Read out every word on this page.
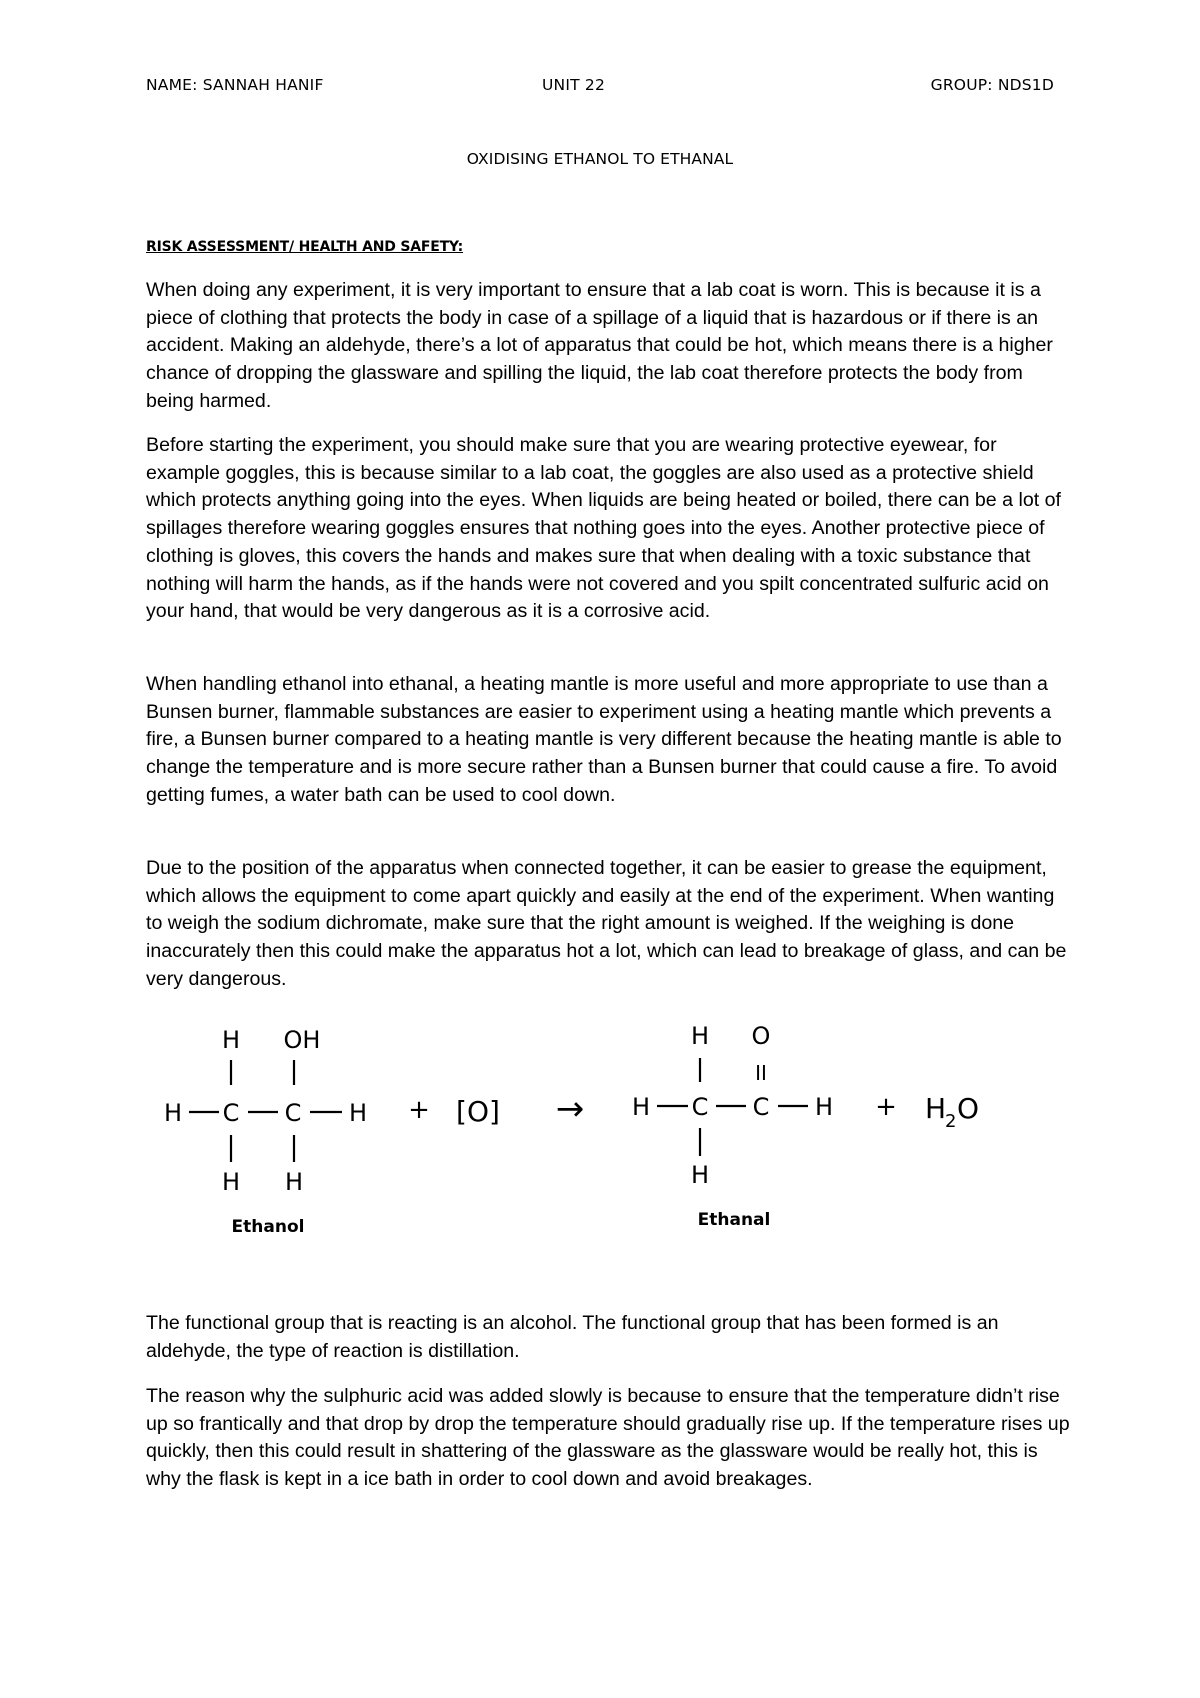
NAME: SANNAH HANIF	UNIT 22	GROUP: NDS1D
OXIDISING ETHANOL TO ETHANAL
RISK ASSESSMENT/ HEALTH AND SAFETY:

When doing any experiment, it is very important to ensure that a lab coat is worn. This is because it is a piece of clothing that protects the body in case of a spillage of a liquid that is hazardous or if there is an accident. Making an aldehyde, there’s a lot of apparatus that could be hot, which means there is a higher chance of dropping the glassware and spilling the liquid, the lab coat therefore protects the body from being harmed.

Before starting the experiment, you should make sure that you are wearing protective eyewear, for example goggles, this is because similar to a lab coat, the goggles are also used as a protective shield which protects anything going into the eyes. When liquids are being heated or boiled, there can be a lot of spillages therefore wearing goggles ensures that nothing goes into the eyes. Another protective piece of clothing is gloves, this covers the hands and makes sure that when dealing with a toxic substance that nothing will harm the hands, as if the hands were not covered and you spilt concentrated sulfuric acid on your hand, that would be very dangerous as it is a corrosive acid.

When handling ethanol into ethanal, a heating mantle is more useful and more appropriate to use than a Bunsen burner, flammable substances are easier to experiment using a heating mantle which prevents a fire, a Bunsen burner compared to a heating mantle is very different because the heating mantle is able to change the temperature and is more secure rather than a Bunsen burner that could cause a fire. To avoid getting fumes, a water bath can be used to cool down.

Due to the position of the apparatus when connected together, it can be easier to grease the equipment, which allows the equipment to come apart quickly and easily at the end of the experiment. When wanting to weigh the sodium dichromate, make sure that the right amount is weighed. If the weighing is done inaccurately then this could make the apparatus hot a lot, which can lead to breakage of glass, and can be very dangerous.

H OH
H C C H
H H
Ethanol
+ [O] →
H O
II
H C C H
H
Ethanal
+ H
2 O

The functional group that is reacting is an alcohol. The functional group that has been formed is an aldehyde, the type of reaction is distillation.

The reason why the sulphuric acid was added slowly is because to ensure that the temperature didn’t rise up so frantically and that drop by drop the temperature should gradually rise up. If the temperature rises up quickly, then this could result in shattering of the glassware as the glassware would be really hot, this is why the flask is kept in a ice bath in order to cool down and avoid breakages.
